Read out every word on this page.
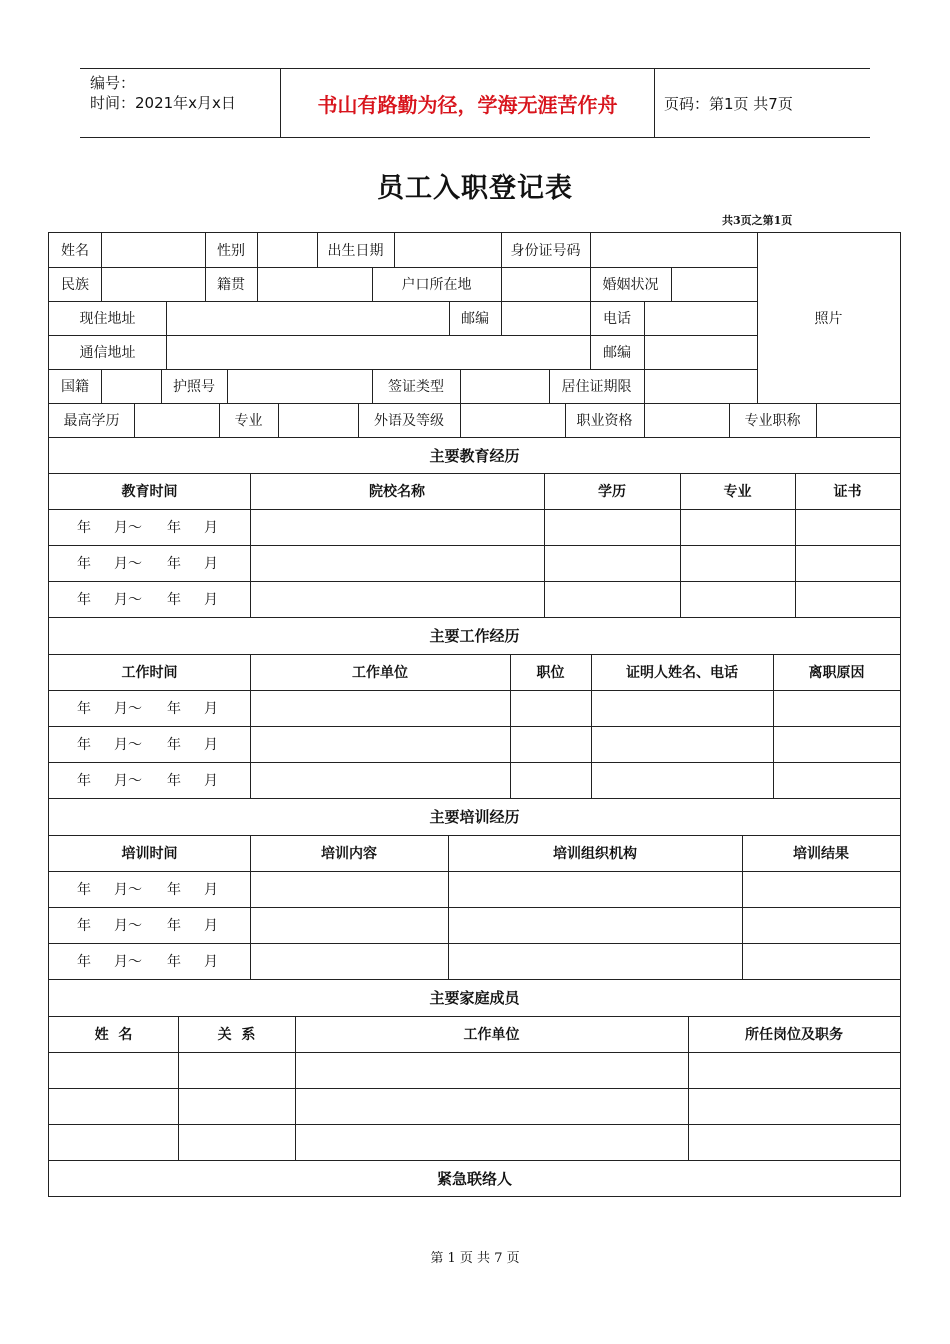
编号：
时间：2021年x月x日	书山有路勤为径，学海无涯苦作舟	页码：第1页 共7页
员工入职登记表
共3页之第1页
姓名	性别	出生日期	身份证号码
民族	籍贯	户口所在地	婚姻状况
现住地址	邮编	电话
通信地址	邮编
照片
国籍	护照号	签证类型	居住证期限
最高学历	专业	外语及等级	职业资格	专业职称
主要教育经历
教育时间	院校名称	学历	专业	证书
年 月～ 年 月
年 月～ 年 月
年 月～ 年 月
主要工作经历
工作时间	工作单位	职位	证明人姓名、电话	离职原因
年 月～ 年 月
年 月～ 年 月
年 月～ 年 月
主要培训经历
培训时间	培训内容	培训组织机构	培训结果
年 月～ 年 月
年 月～ 年 月
年 月～ 年 月
主要家庭成员
姓  名	关  系	工作单位	所任岗位及职务
紧急联络人
第 1 页 共 7 页
